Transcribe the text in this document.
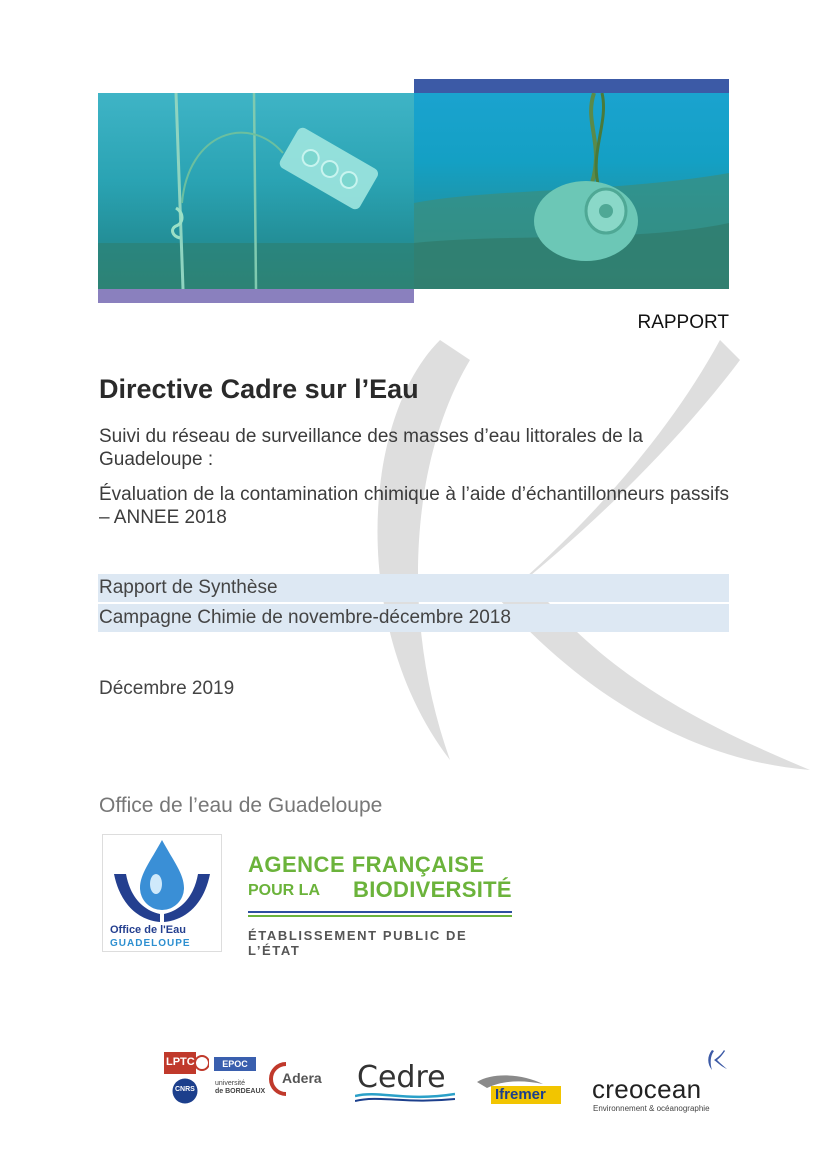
RAPPORT
Directive Cadre sur l’Eau
Suivi du réseau de surveillance des masses d’eau littorales de la Guadeloupe :
Évaluation de la contamination chimique à l’aide d’échantillonneurs passifs – ANNEE 2018
Rapport de Synthèse
Campagne Chimie de novembre-décembre 2018
Décembre 2019
Office de l’eau de Guadeloupe
Office de l'Eau
GUADELOUPE
AGENCE FRANÇAISE
POUR LA BIODIVERSITÉ
ÉTABLISSEMENT PUBLIC DE L’ÉTAT
LPTC	EPOC
CNRS
université
de BORDEAUX
Adera Cedre	Ifremer creocean
Environnement & océanographie
